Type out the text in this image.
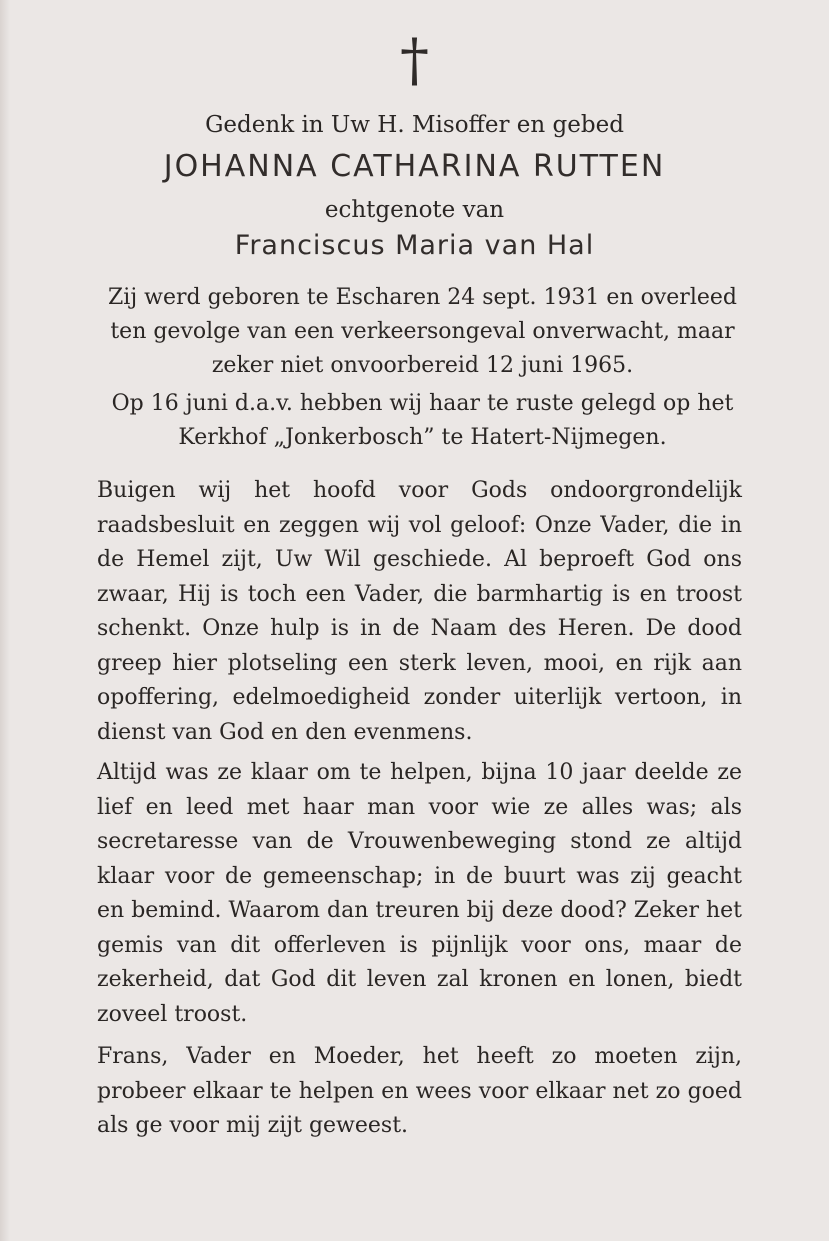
†
Gedenk in Uw H. Misoffer en gebed
JOHANNA CATHARINA RUTTEN
echtgenote van
Franciscus Maria van Hal
Zij werd geboren te Escharen 24 sept. 1931 en overleed ten gevolge van een verkeersongeval onverwacht, maar zeker niet onvoorbereid 12 juni 1965.
Op 16 juni d.a.v. hebben wij haar te ruste gelegd op het Kerkhof „Jonkerbosch” te Hatert-Nijmegen.

Buigen wij het hoofd voor Gods ondoorgrondelijk raadsbesluit en zeggen wij vol geloof: Onze Vader, die in de Hemel zijt, Uw Wil geschiede. Al beproeft God ons zwaar, Hij is toch een Vader, die barmhartig is en troost schenkt. Onze hulp is in de Naam des Heren. De dood greep hier plotseling een sterk leven, mooi, en rijk aan opoffering, edelmoedigheid zonder uiterlijk vertoon, in dienst van God en den evenmens.

Altijd was ze klaar om te helpen, bijna 10 jaar deelde ze lief en leed met haar man voor wie ze alles was; als secretaresse van de Vrouwenbeweging stond ze altijd klaar voor de gemeenschap; in de buurt was zij geacht en bemind. Waarom dan treuren bij deze dood? Zeker het gemis van dit offerleven is pijnlijk voor ons, maar de zekerheid, dat God dit leven zal kronen en lonen, biedt zoveel troost.

Frans, Vader en Moeder, het heeft zo moeten zijn, probeer elkaar te helpen en wees voor elkaar net zo goed als ge voor mij zijt geweest.
